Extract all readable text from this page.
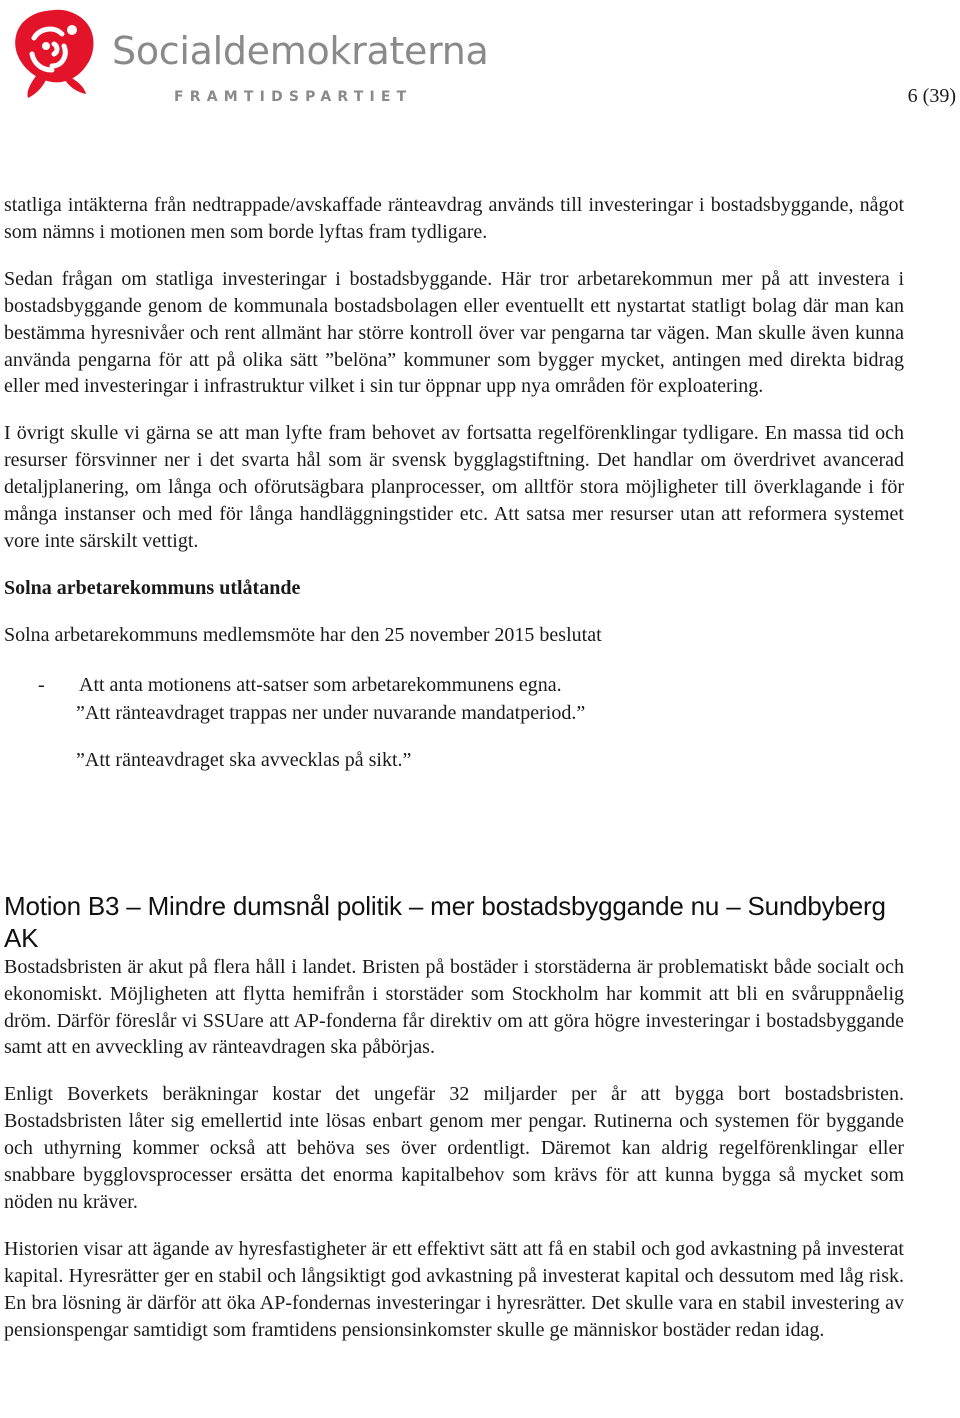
Socialdemokraterna
FRAMTIDSPARTIET	6 (39)

statliga intäkterna från nedtrappade/avskaffade ränteavdrag används till investeringar i bostadsbyggande, något som nämns i motionen men som borde lyftas fram tydligare.

Sedan frågan om statliga investeringar i bostadsbyggande. Här tror arbetarekommun mer på att investera i bostadsbyggande genom de kommunala bostadsbolagen eller eventuellt ett nystartat statligt bolag där man kan bestämma hyresnivåer och rent allmänt har större kontroll över var pengarna tar vägen. Man skulle även kunna använda pengarna för att på olika sätt ”belöna” kommuner som bygger mycket, antingen med direkta bidrag eller med investeringar i infrastruktur vilket i sin tur öppnar upp nya områden för exploatering.

I övrigt skulle vi gärna se att man lyfte fram behovet av fortsatta regelförenklingar tydligare. En massa tid och resurser försvinner ner i det svarta hål som är svensk bygglagstiftning. Det handlar om överdrivet avancerad detaljplanering, om långa och oförutsägbara planprocesser, om alltför stora möjligheter till överklagande i för många instanser och med för långa handläggningstider etc. Att satsa mer resurser utan att reformera systemet vore inte särskilt vettigt.

Solna arbetarekommuns utlåtande

Solna arbetarekommuns medlemsmöte har den 25 november 2015 beslutat

-	Att anta motionens att-satser som arbetarekommunens egna.
”Att ränteavdraget trappas ner under nuvarande mandatperiod.”
”Att ränteavdraget ska avvecklas på sikt.”
Motion B3 – Mindre dumsnål politik – mer bostadsbyggande nu – Sundbyberg AK

Bostadsbristen är akut på flera håll i landet. Bristen på bostäder i storstäderna är problematiskt både socialt och ekonomiskt. Möjligheten att flytta hemifrån i storstäder som Stockholm har kommit att bli en svåruppnåelig dröm. Därför föreslår vi SSUare att AP-fonderna får direktiv om att göra högre investeringar i bostadsbyggande samt att en avveckling av ränteavdragen ska påbörjas.

Enligt Boverkets beräkningar kostar det ungefär 32 miljarder per år att bygga bort bostadsbristen. Bostadsbristen låter sig emellertid inte lösas enbart genom mer pengar. Rutinerna och systemen för byggande och uthyrning kommer också att behöva ses över ordentligt. Däremot kan aldrig regelförenklingar eller snabbare bygglovsprocesser ersätta det enorma kapitalbehov som krävs för att kunna bygga så mycket som nöden nu kräver.

Historien visar att ägande av hyresfastigheter är ett effektivt sätt att få en stabil och god avkastning på investerat kapital. Hyresrätter ger en stabil och långsiktigt god avkastning på investerat kapital och dessutom med låg risk. En bra lösning är därför att öka AP-fondernas investeringar i hyresrätter. Det skulle vara en stabil investering av pensionspengar samtidigt som framtidens pensionsinkomster skulle ge människor bostäder redan idag.
